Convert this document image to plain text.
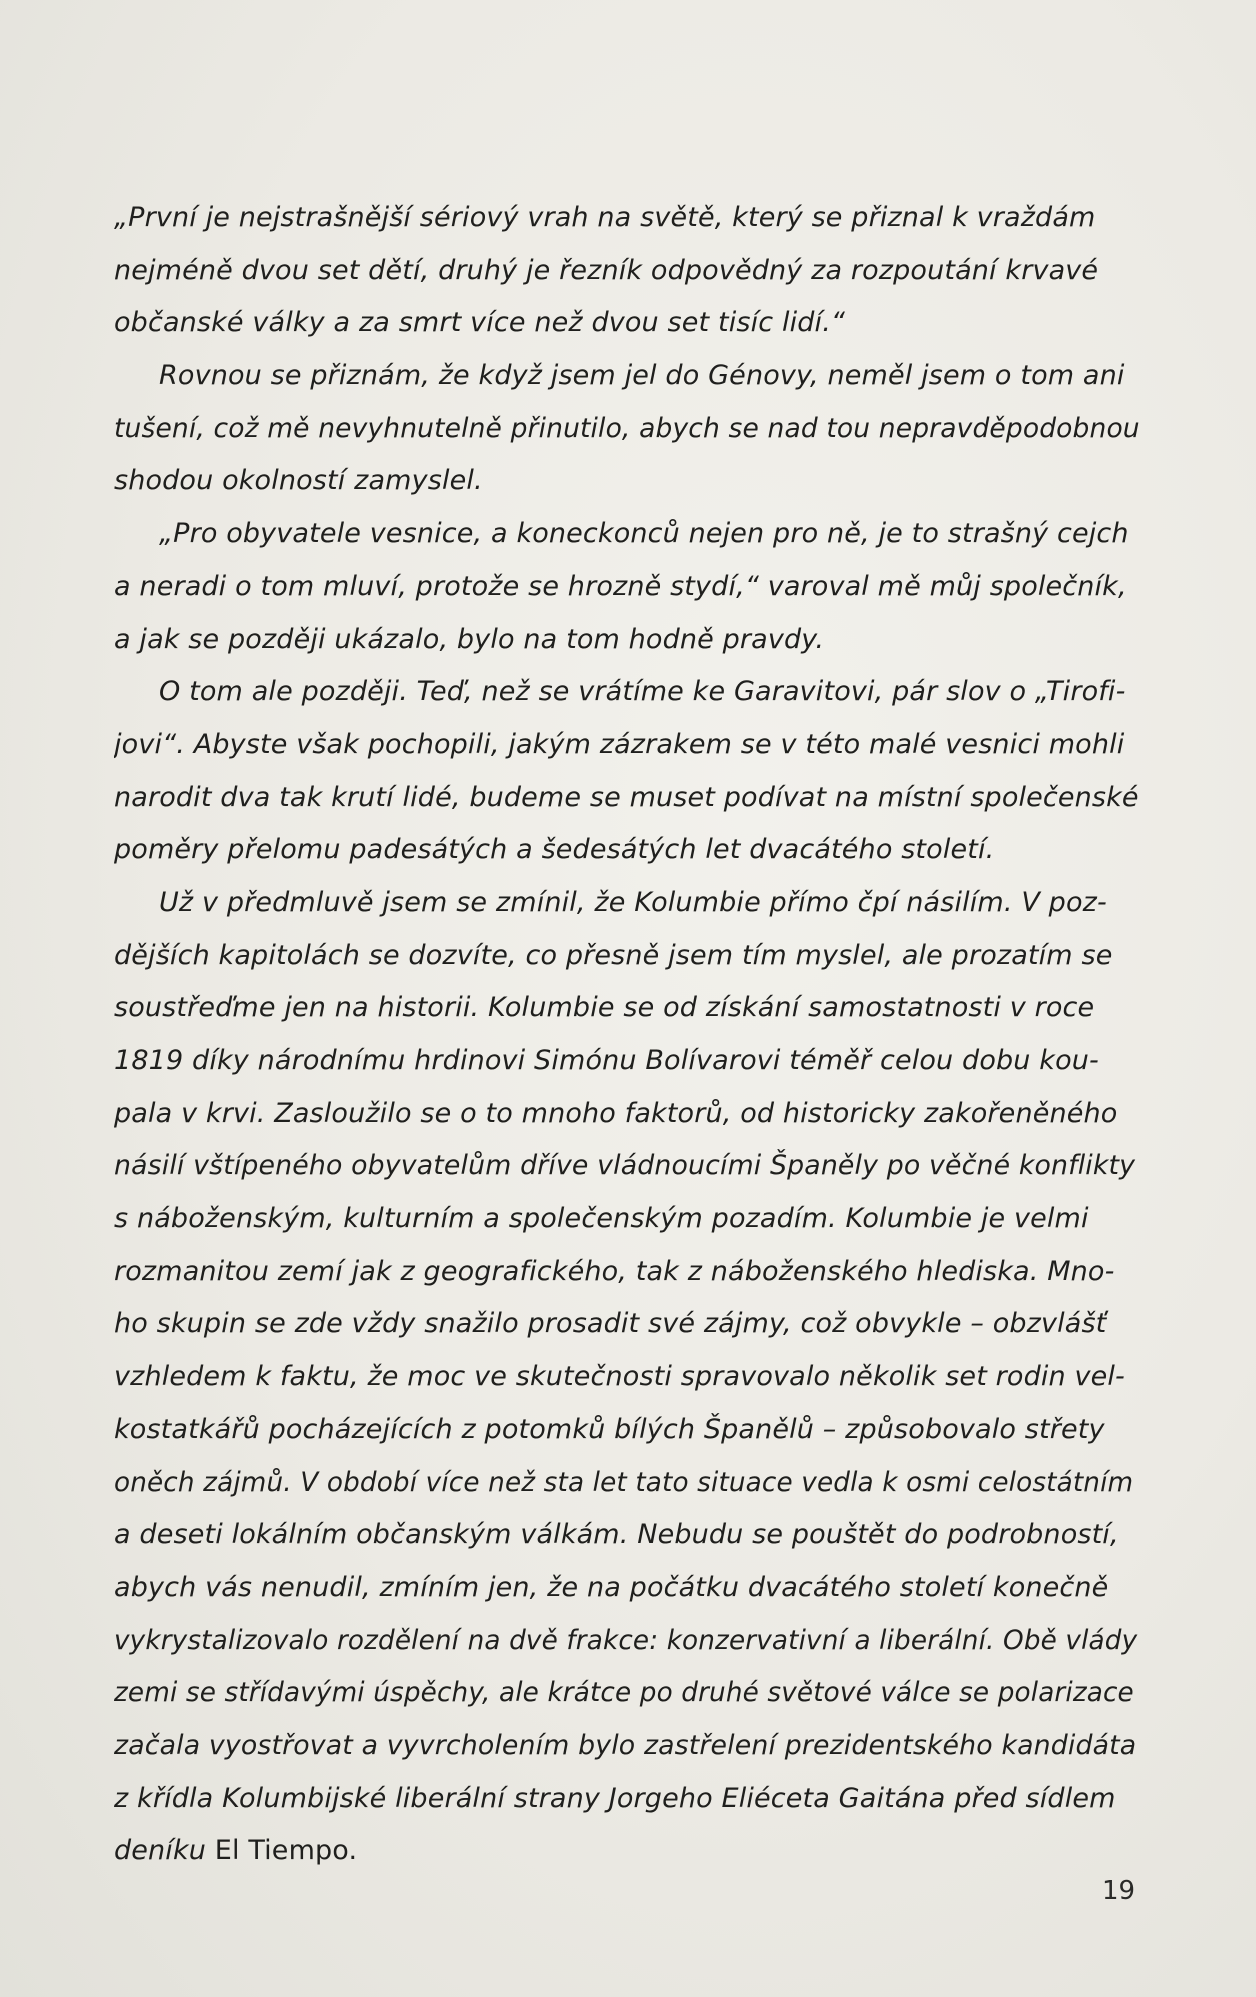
„První je nejstrašnější sériový vrah na světě, který se přiznal k vraždám
nejméně dvou set dětí, druhý je řezník odpovědný za rozpoutání krvavé
občanské války a za smrt více než dvou set tisíc lidí.“
Rovnou se přiznám, že když jsem jel do Génovy, neměl jsem o tom ani
tušení, což mě nevyhnutelně přinutilo, abych se nad tou nepravděpodobnou
shodou okolností zamyslel.
„Pro obyvatele vesnice, a koneckonců nejen pro ně, je to strašný cejch
a neradi o tom mluví, protože se hrozně stydí,“ varoval mě můj společník,
a jak se později ukázalo, bylo na tom hodně pravdy.
O tom ale později. Teď, než se vrátíme ke Garavitovi, pár slov o „Tirofi-
jovi“. Abyste však pochopili, jakým zázrakem se v této malé vesnici mohli
narodit dva tak krutí lidé, budeme se muset podívat na místní společenské
poměry přelomu padesátých a šedesátých let dvacátého století.
Už v předmluvě jsem se zmínil, že Kolumbie přímo čpí násilím. V poz-
dějších kapitolách se dozvíte, co přesně jsem tím myslel, ale prozatím se
soustřeďme jen na historii. Kolumbie se od získání samostatnosti v roce
1819 díky národnímu hrdinovi Simónu Bolívarovi téměř celou dobu kou-
pala v krvi. Zasloužilo se o to mnoho faktorů, od historicky zakořeněného
násilí vštípeného obyvatelům dříve vládnoucími Španěly po věčné konflikty
s náboženským, kulturním a společenským pozadím. Kolumbie je velmi
rozmanitou zemí jak z geografického, tak z náboženského hlediska. Mno-
ho skupin se zde vždy snažilo prosadit své zájmy, což obvykle – obzvlášť
vzhledem k faktu, že moc ve skutečnosti spravovalo několik set rodin vel-
kostatkářů pocházejících z potomků bílých Španělů – způsobovalo střety
oněch zájmů. V období více než sta let tato situace vedla k osmi celostátním
a deseti lokálním občanským válkám. Nebudu se pouštět do podrobností,
abych vás nenudil, zmíním jen, že na počátku dvacátého století konečně
vykrystalizovalo rozdělení na dvě frakce: konzervativní a liberální. Obě vlády
zemi se střídavými úspěchy, ale krátce po druhé světové válce se polarizace
začala vyostřovat a vyvrcholením bylo zastřelení prezidentského kandidáta
z křídla Kolumbijské liberální strany Jorgeho Eliéceta Gaitána před sídlem
deníku El Tiempo.
19
